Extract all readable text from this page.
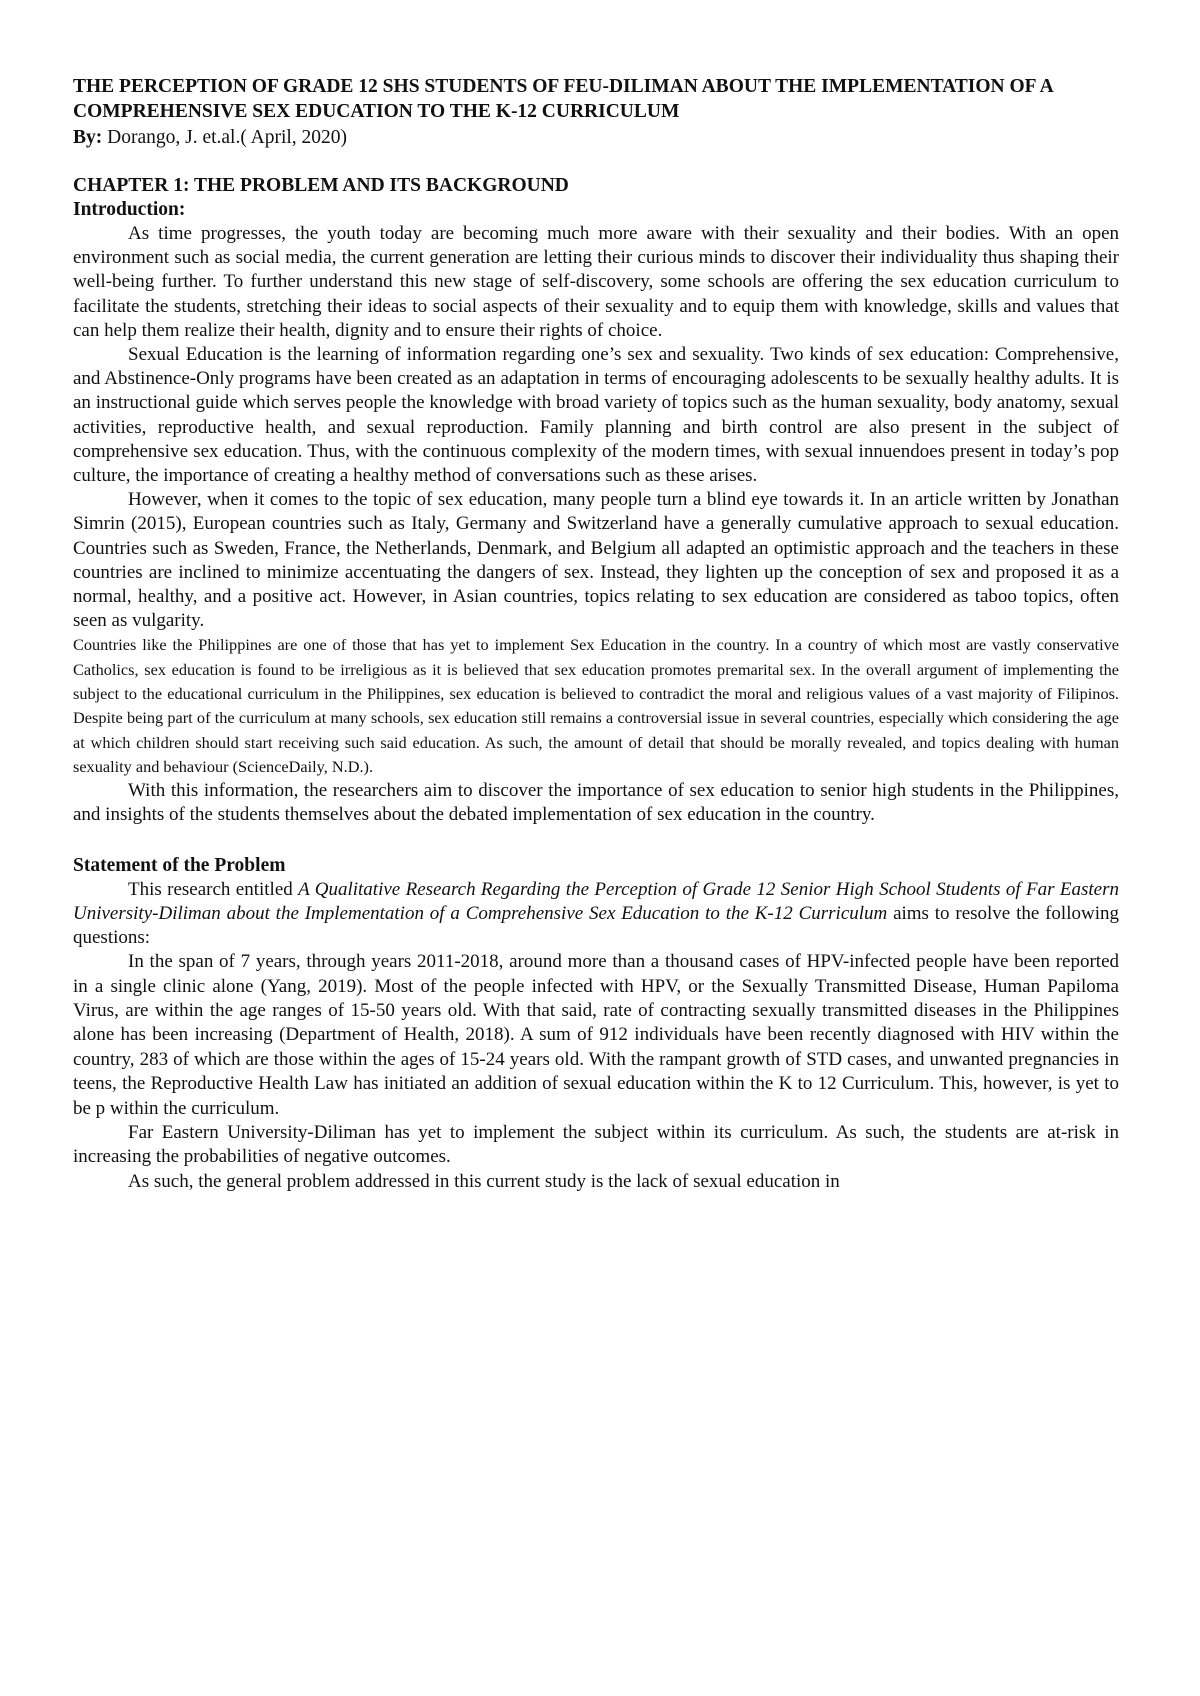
THE PERCEPTION OF GRADE 12 SHS STUDENTS OF FEU-DILIMAN ABOUT THE IMPLEMENTATION OF A COMPREHENSIVE SEX EDUCATION TO THE K-12 CURRICULUM
By: Dorango, J. et.al.( April, 2020)
CHAPTER 1: THE PROBLEM AND ITS BACKGROUND
Introduction:

As time progresses, the youth today are becoming much more aware with their sexuality and their bodies. With an open environment such as social media, the current generation are letting their curious minds to discover their individuality thus shaping their well-being further. To further understand this new stage of self-discovery, some schools are offering the sex education curriculum to facilitate the students, stretching their ideas to social aspects of their sexuality and to equip them with knowledge, skills and values that can help them realize their health, dignity and to ensure their rights of choice.

Sexual Education is the learning of information regarding one’s sex and sexuality. Two kinds of sex education: Comprehensive, and Abstinence-Only programs have been created as an adaptation in terms of encouraging adolescents to be sexually healthy adults. It is an instructional guide which serves people the knowledge with broad variety of topics such as the human sexuality, body anatomy, sexual activities, reproductive health, and sexual reproduction. Family planning and birth control are also present in the subject of comprehensive sex education. Thus, with the continuous complexity of the modern times, with sexual innuendoes present in today’s pop culture, the importance of creating a healthy method of conversations such as these arises.

However, when it comes to the topic of sex education, many people turn a blind eye towards it. In an article written by Jonathan Simrin (2015), European countries such as Italy, Germany and Switzerland have a generally cumulative approach to sexual education. Countries such as Sweden, France, the Netherlands, Denmark, and Belgium all adapted an optimistic approach and the teachers in these countries are inclined to minimize accentuating the dangers of sex. Instead, they lighten up the conception of sex and proposed it as a normal, healthy, and a positive act. However, in Asian countries, topics relating to sex education are considered as taboo topics, often seen as vulgarity.

Countries like the Philippines are one of those that has yet to implement Sex Education in the country. In a country of which most are vastly conservative Catholics, sex education is found to be irreligious as it is believed that sex education promotes premarital sex. In the overall argument of implementing the subject to the educational curriculum in the Philippines, sex education is believed to contradict the moral and religious values of a vast majority of Filipinos. Despite being part of the curriculum at many schools, sex education still remains a controversial issue in several countries, especially which considering the age at which children should start receiving such said education. As such, the amount of detail that should be morally revealed, and topics dealing with human sexuality and behaviour (ScienceDaily, N.D.).

With this information, the researchers aim to discover the importance of sex education to senior high students in the Philippines, and insights of the students themselves about the debated implementation of sex education in the country.

Statement of the Problem

This research entitled A Qualitative Research Regarding the Perception of Grade 12 Senior High School Students of Far Eastern University-Diliman about the Implementation of a Comprehensive Sex Education to the K-12 Curriculum aims to resolve the following questions:

In the span of 7 years, through years 2011-2018, around more than a thousand cases of HPV-infected people have been reported in a single clinic alone (Yang, 2019). Most of the people infected with HPV, or the Sexually Transmitted Disease, Human Papiloma Virus, are within the age ranges of 15-50 years old. With that said, rate of contracting sexually transmitted diseases in the Philippines alone has been increasing (Department of Health, 2018). A sum of 912 individuals have been recently diagnosed with HIV within the country, 283 of which are those within the ages of 15-24 years old. With the rampant growth of STD cases, and unwanted pregnancies in teens, the Reproductive Health Law has initiated an addition of sexual education within the K to 12 Curriculum. This, however, is yet to be p within the curriculum.

Far Eastern University-Diliman has yet to implement the subject within its curriculum. As such, the students are at-risk in increasing the probabilities of negative outcomes.

As such, the general problem addressed in this current study is the lack of sexual education in
